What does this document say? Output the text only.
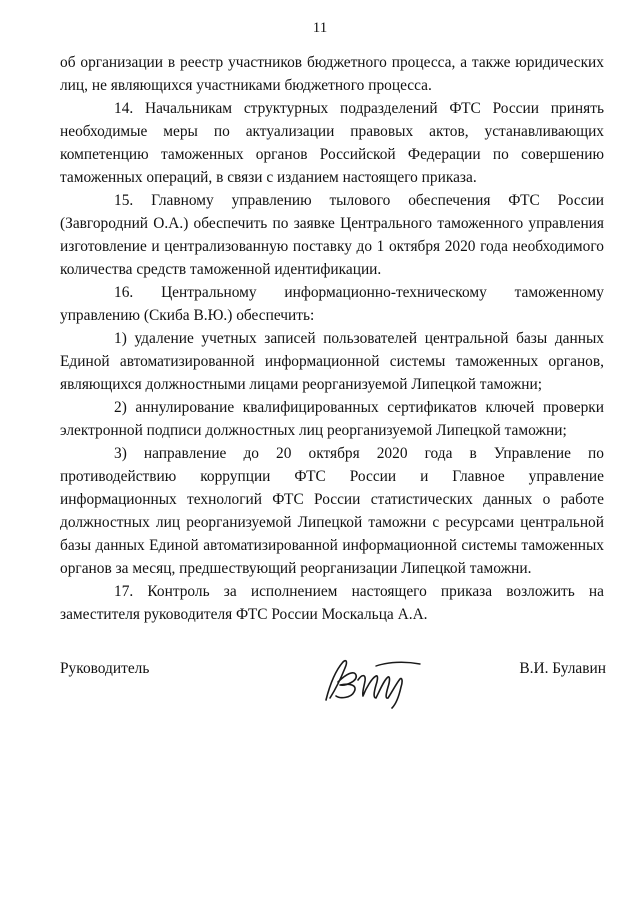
11

об организации в реестр участников бюджетного процесса, а также юридических лиц, не являющихся участниками бюджетного процесса.

14. Начальникам структурных подразделений ФТС России принять необходимые меры по актуализации правовых актов, устанавливающих компетенцию таможенных органов Российской Федерации по совершению таможенных операций, в связи с изданием настоящего приказа.

15. Главному управлению тылового обеспечения ФТС России (Завгородний О.А.) обеспечить по заявке Центрального таможенного управления изготовление и централизованную поставку до 1 октября 2020 года необходимого количества средств таможенной идентификации.

16. Центральному информационно-техническому таможенному управлению (Скиба В.Ю.) обеспечить:

1) удаление учетных записей пользователей центральной базы данных Единой автоматизированной информационной системы таможенных органов, являющихся должностными лицами реорганизуемой Липецкой таможни;

2) аннулирование квалифицированных сертификатов ключей проверки электронной подписи должностных лиц реорганизуемой Липецкой таможни;

3) направление до 20 октября 2020 года в Управление по противодействию коррупции ФТС России и Главное управление информационных технологий ФТС России статистических данных о работе должностных лиц реорганизуемой Липецкой таможни с ресурсами центральной базы данных Единой автоматизированной информационной системы таможенных органов за месяц, предшествующий реорганизации Липецкой таможни.

17. Контроль за исполнением настоящего приказа возложить на заместителя руководителя ФТС России Москальца А.А.

Руководитель	В.И. Булавин
